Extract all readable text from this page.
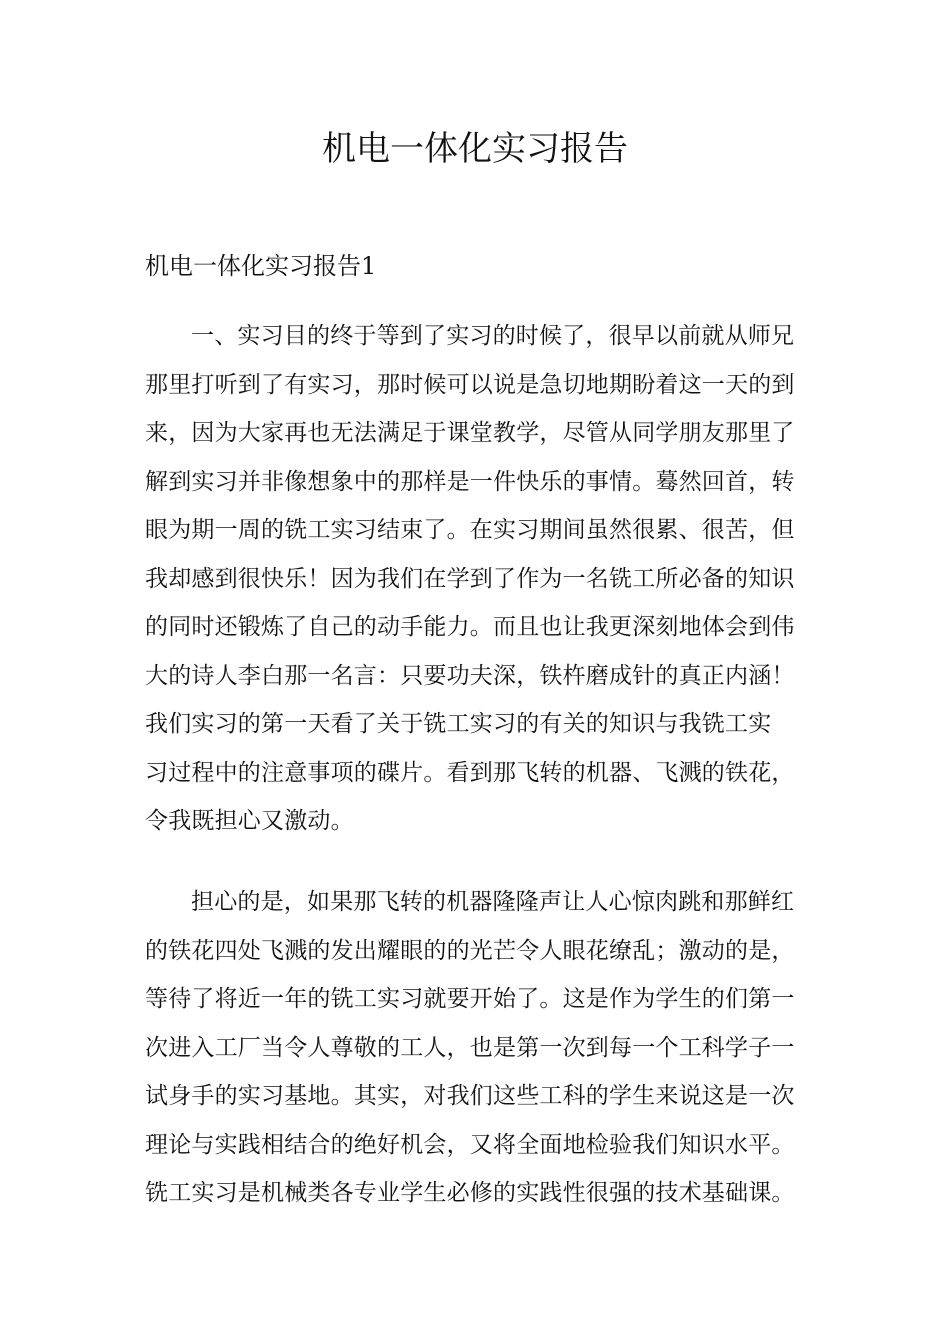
机电一体化实习报告
机电一体化实习报告1

一、实习目的终于等到了实习的时候了，很早以前就从师兄
那里打听到了有实习，那时候可以说是急切地期盼着这一天的到
来，因为大家再也无法满足于课堂教学，尽管从同学朋友那里了
解到实习并非像想象中的那样是一件快乐的事情。蓦然回首，转
眼为期一周的铣工实习结束了。在实习期间虽然很累、很苦，但
我却感到很快乐！因为我们在学到了作为一名铣工所必备的知识
的同时还锻炼了自己的动手能力。而且也让我更深刻地体会到伟
大的诗人李白那一名言：只要功夫深，铁杵磨成针的真正内涵！
我们实习的第一天看了关于铣工实习的有关的知识与我铣工实
习过程中的注意事项的碟片。看到那飞转的机器、飞溅的铁花，
令我既担心又激动。

担心的是，如果那飞转的机器隆隆声让人心惊肉跳和那鲜红
的铁花四处飞溅的发出耀眼的的光芒令人眼花缭乱；激动的是，
等待了将近一年的铣工实习就要开始了。这是作为学生的们第一
次进入工厂当令人尊敬的工人，也是第一次到每一个工科学子一
试身手的实习基地。其实，对我们这些工科的学生来说这是一次
理论与实践相结合的绝好机会，又将全面地检验我们知识水平。
铣工实习是机械类各专业学生必修的实践性很强的技术基础课。
